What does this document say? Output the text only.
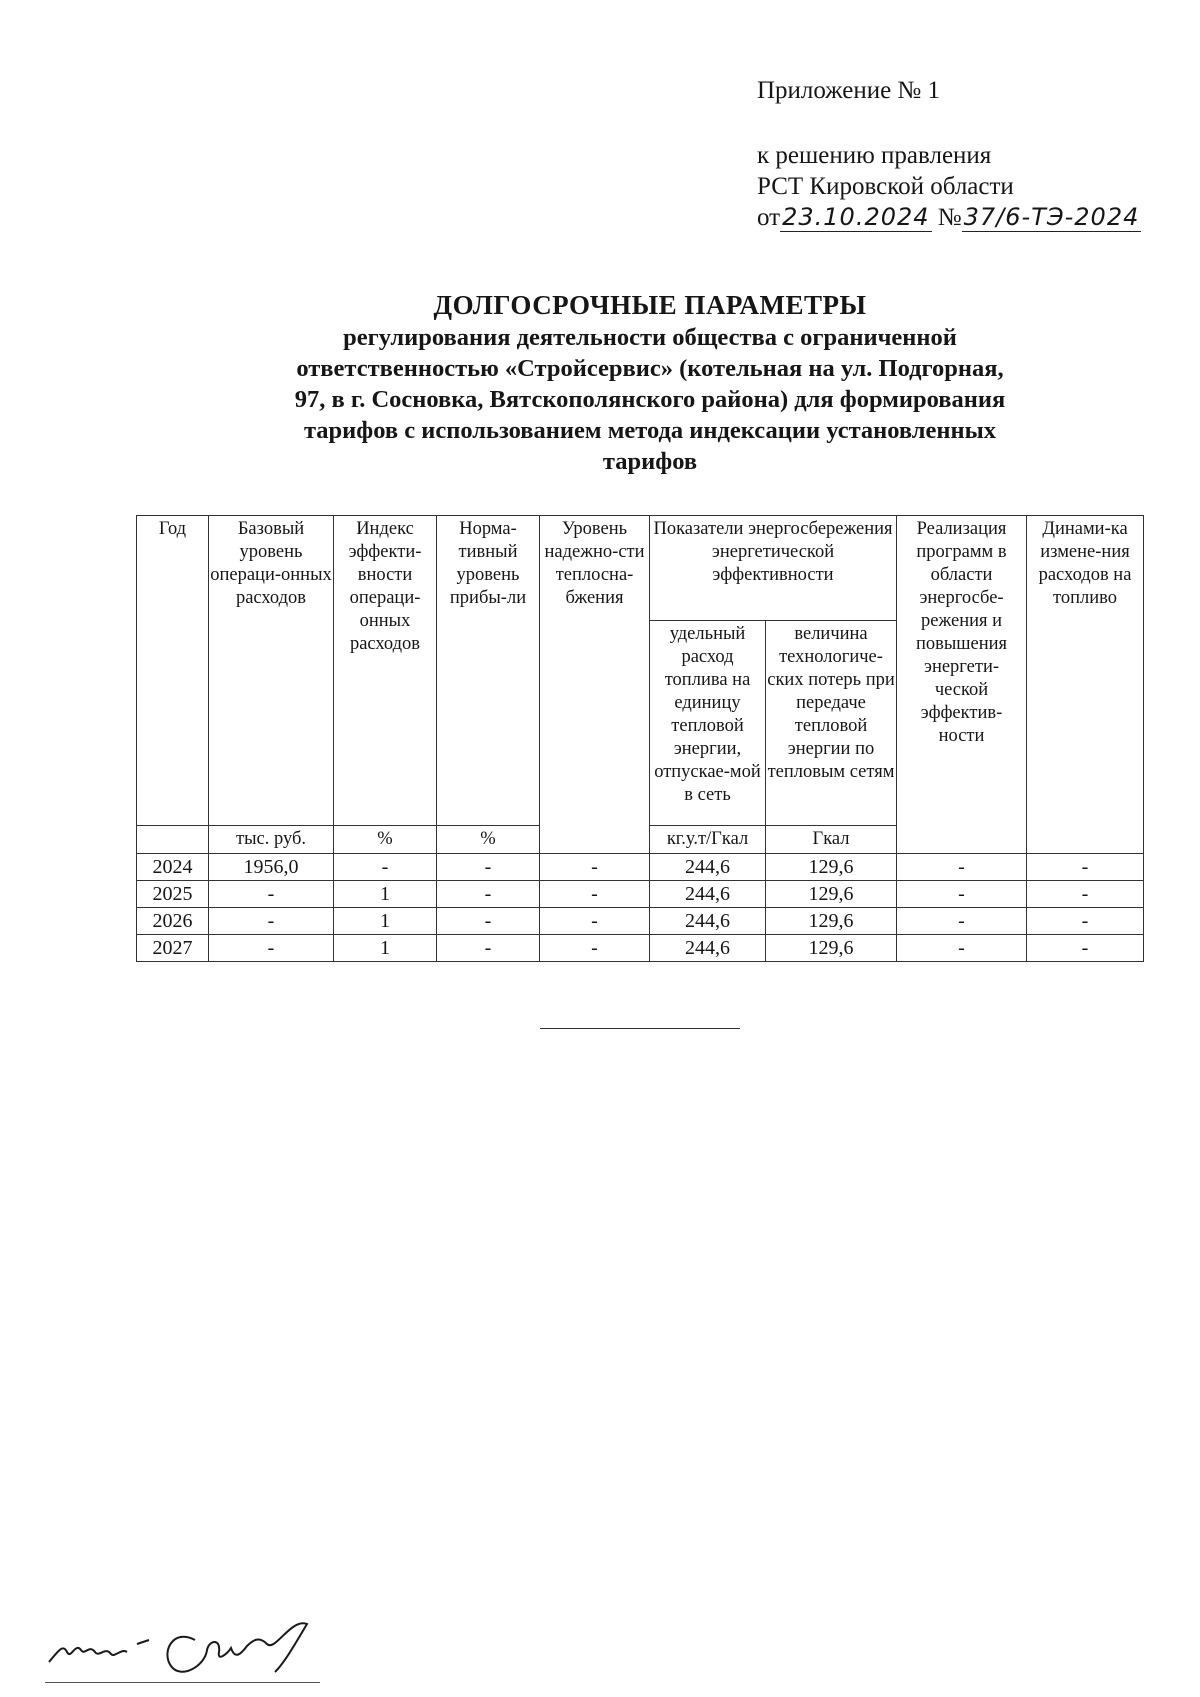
Приложение № 1
к решению правления
РСТ Кировской области
от23.10.2024 №37/6-ТЭ-2024
ДОЛГОСРОЧНЫЕ ПАРАМЕТРЫ
регулирования деятельности общества с ограниченной
ответственностью «Стройсервис» (котельная на ул. Подгорная,
97, в г. Сосновка, Вятскополянского района) для формирования
тарифов с использованием метода индексации установленных
тарифов
Год	Базовый уровень операци-онных расходов	Индекс эффекти-вности операци-онных расходов	Норма-тивный уровень прибы-ли	Уровень надежно-сти теплосна-бжения	Показатели энергосбережения энергетической эффективности		Реализация программ в области энергосбе-режения и повышения энергети-ческой эффектив-ности	Динами-ка измене-ния расходов на топливо
					удельный расход топлива на единицу тепловой энергии, отпускае-мой в сеть	величина технологиче-ских потерь при передаче тепловой энергии по тепловым сетям		
	тыс. руб.	%	%		кг.у.т/Гкал	Гкал		
2024	1956,0	-	-	-	244,6	129,6	-	-
2025	-	1	-	-	244,6	129,6	-	-
2026	-	1	-	-	244,6	129,6	-	-
2027	-	1	-	-	244,6	129,6	-	-
